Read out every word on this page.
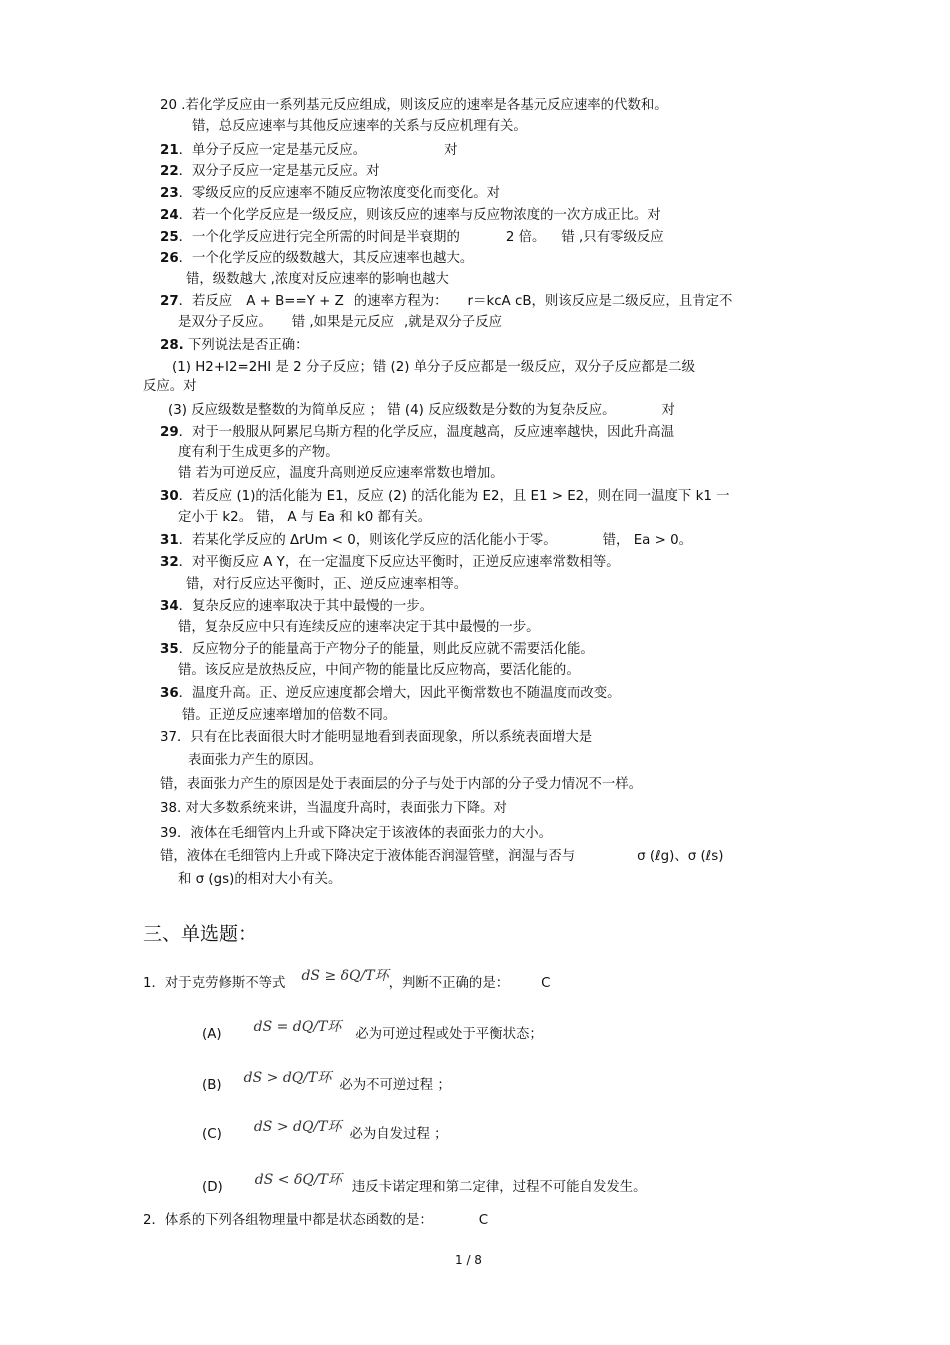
20 .若化学反应由一系列基元反应组成，则该反应的速率是各基元反应速率的代数和。
错，总反应速率与其他反应速率的关系与反应机理有关。
21．单分子反应一定是基元反应。	对
22．双分子反应一定是基元反应。对
23．零级反应的反应速率不随反应物浓度变化而变化。对
24．若一个化学反应是一级反应，则该反应的速率与反应物浓度的一次方成正比。对
25．一个化学反应进行完全所需的时间是半衰期的	2 倍。 错 ,只有零级反应
26．一个化学反应的级数越大，其反应速率也越大。
错，级数越大 ,浓度对反应速率的影响也越大
27．若反应 A + B==Y + Z 的速率方程为： r＝kcA cB，则该反应是二级反应，且肯定不
是双分子反应。 错 ,如果是元反应 ,就是双分子反应
28. 下列说法是否正确：
(1) H2+I2=2HI 是 2 分子反应；错 (2) 单分子反应都是一级反应，双分子反应都是二级
反应。对
(3) 反应级数是整数的为简单反应 ； 错 (4) 反应级数是分数的为复杂反应。	对
29．对于一般服从阿累尼乌斯方程的化学反应，温度越高，反应速率越快，因此升高温
度有利于生成更多的产物。
错 若为可逆反应，温度升高则逆反应速率常数也增加。
30．若反应 (1)的活化能为 E1，反应 (2) 的活化能为 E2，且 E1 > E2，则在同一温度下 k1 一
定小于 k2。 错， A 与 Ea 和 k0 都有关。
31．若某化学反应的 ΔrUm < 0，则该化学反应的活化能小于零。	错， Ea > 0。
32．对平衡反应 A Y，在一定温度下反应达平衡时，正逆反应速率常数相等。
错，对行反应达平衡时，正、逆反应速率相等。
34．复杂反应的速率取决于其中最慢的一步。
错，复杂反应中只有连续反应的速率决定于其中最慢的一步。
35．反应物分子的能量高于产物分子的能量，则此反应就不需要活化能。
错。该反应是放热反应，中间产物的能量比反应物高，要活化能的。
36．温度升高。正、逆反应速度都会增大，因此平衡常数也不随温度而改变。
错。正逆反应速率增加的倍数不同。
37．只有在比表面很大时才能明显地看到表面现象，所以系统表面增大是
表面张力产生的原因。
错，表面张力产生的原因是处于表面层的分子与处于内部的分子受力情况不一样。
38. 对大多数系统来讲，当温度升高时，表面张力下降。对
39．液体在毛细管内上升或下降决定于该液体的表面张力的大小。
错，液体在毛细管内上升或下降决定于液体能否润湿管壁，润湿与否与	σ (ℓg)、σ (ℓs)
和 σ (gs)的相对大小有关。
三、单选题：
1．对于克劳修斯不等式 dS ≥ δQ/T环，判断不正确的是： C
(A) dS = dQ/T环 必为可逆过程或处于平衡状态；
(B) dS > dQ/T环 必为不可逆过程 ；
(C) dS > dQ/T环 必为自发过程 ；
(D) dS < δQ/T环 违反卡诺定理和第二定律，过程不可能自发发生。
2．体系的下列各组物理量中都是状态函数的是：	C
1 / 8
